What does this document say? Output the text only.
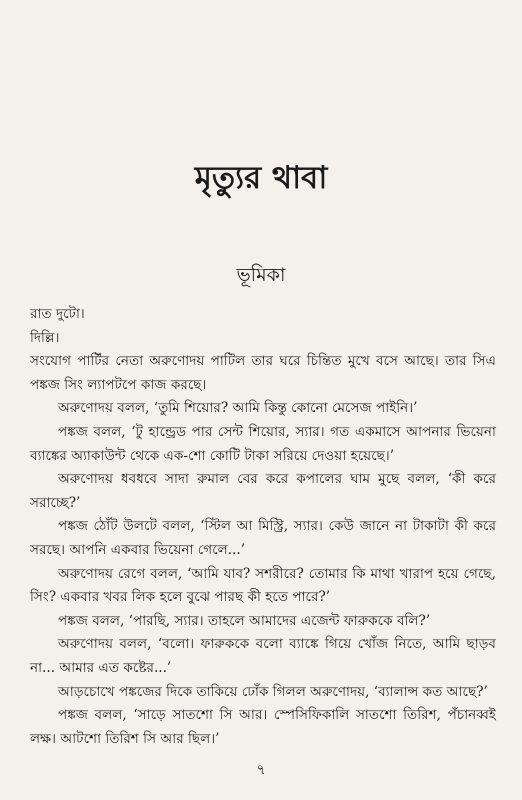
মৃত্যুর থাবা
ভূমিকা

রাত দুটো।

দিল্লি।

সংযোগ পার্টির নেতা অরুণোদয় পাটিল তার ঘরে চিন্তিত মুখে বসে আছে। তার সিএ পঙ্কজ সিং ল্যাপটপে কাজ করছে।

অরুণোদয় বলল, ‘তুমি শিয়োর? আমি কিন্তু কোনো মেসেজ পাইনি।’

পঙ্কজ বলল, ‘টু হান্ড্রেড পার সেন্ট শিয়োর, স্যার। গত একমাসে আপনার ভিয়েনা ব্যাঙ্কের অ্যাকাউন্ট থেকে এক-শো কোটি টাকা সরিয়ে দেওয়া হয়েছে।’

অরুণোদয় ধবধবে সাদা রুমাল বের করে কপালের ঘাম মুছে বলল, ‘কী করে সরাচ্ছে?’

পঙ্কজ ঠোঁট উলটে বলল, ‘স্টিল আ মিস্ট্রি, স্যার। কেউ জানে না টাকাটা কী করে সরছে। আপনি একবার ভিয়েনা গেলে...’

অরুণোদয় রেগে বলল, ‘আমি যাব? সশরীরে? তোমার কি মাথা খারাপ হয়ে গেছে, সিং? একবার খবর লিক হলে বুঝে পারছ কী হতে পারে?’

পঙ্কজ বলল, ‘পারছি, স্যার। তাহলে আমাদের এজেন্ট ফারুককে বলি?’

অরুণোদয় বলল, ‘বলো। ফারুককে বলো ব্যাঙ্কে গিয়ে খোঁজ নিতে, আমি ছাড়ব না... আমার এত কষ্টের...’

আড়চোখে পঙ্কজের দিকে তাকিয়ে ঢোঁক গিলল অরুণোদয়, ‘ব্যালান্স কত আছে?’

পঙ্কজ বলল, ‘সাড়ে সাতশো সি আর। স্পেসিফিকালি সাতশো তিরিশ, পঁচানব্বই লক্ষ। আটশো তিরিশ সি আর ছিল।’

৭
